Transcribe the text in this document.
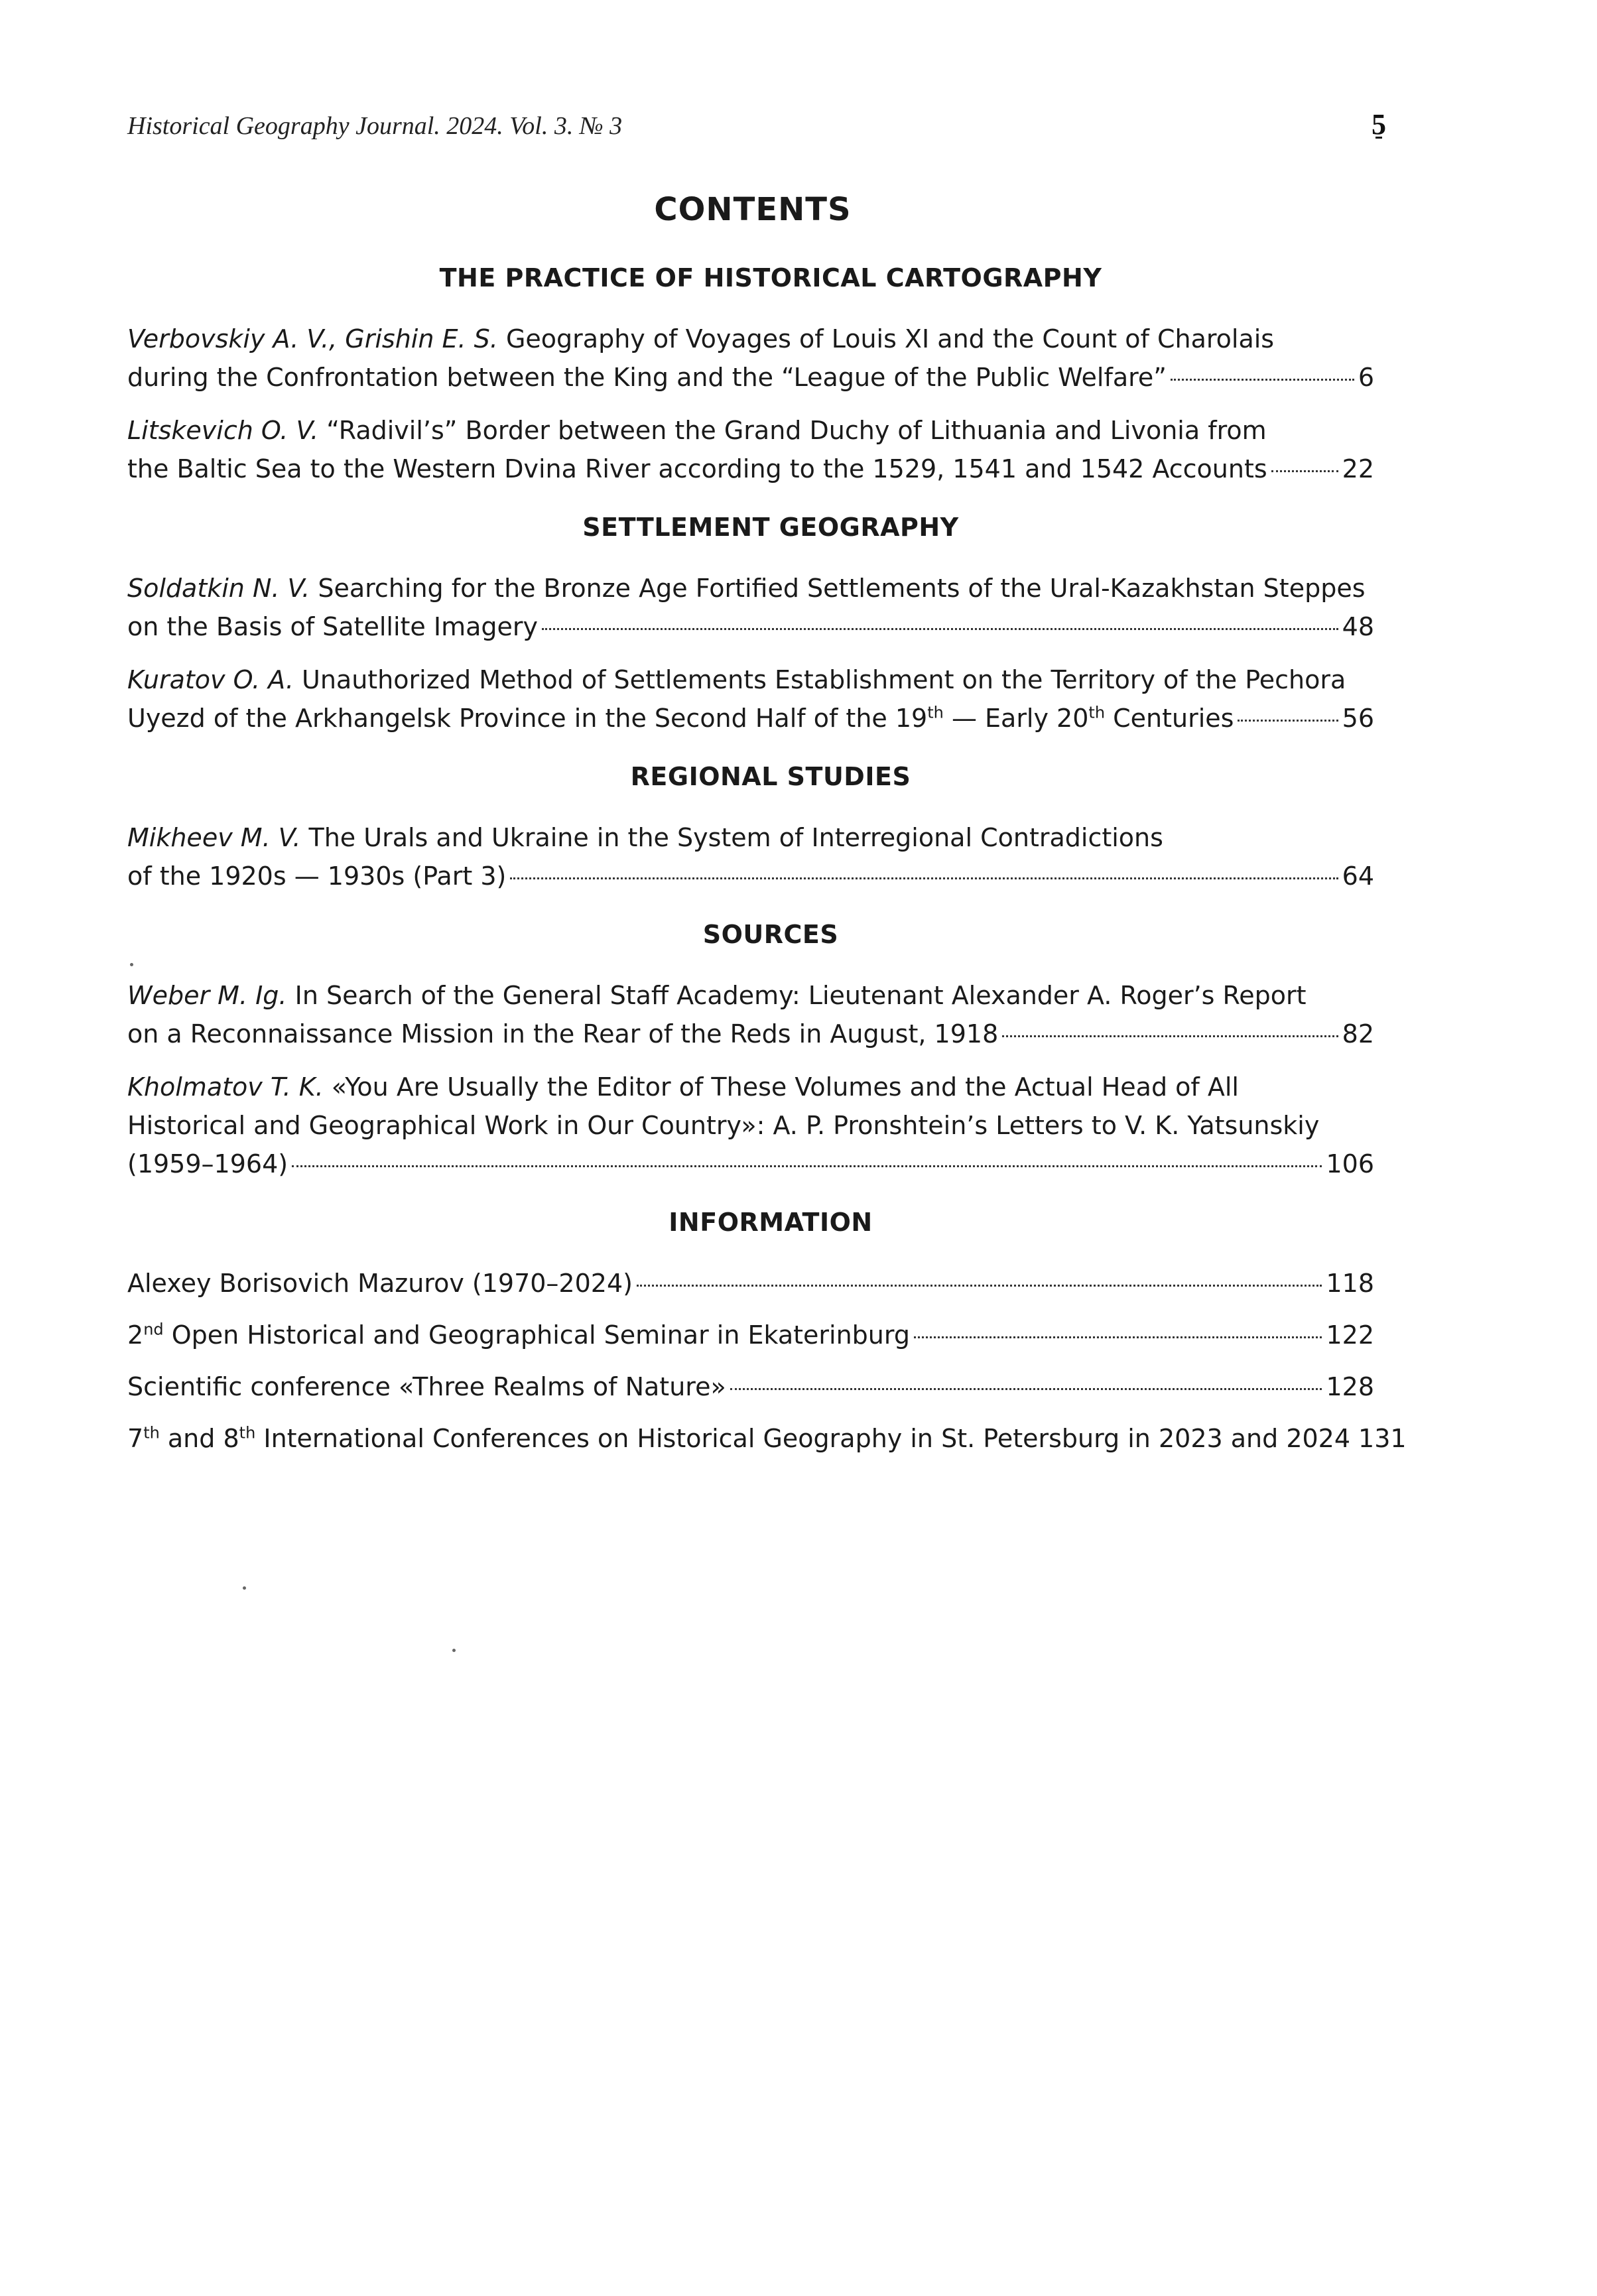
Historical Geography Journal. 2024. Vol. 3. № 3	5
CONTENTS
THE PRACTICE OF HISTORICAL CARTOGRAPHY
Verbovskiy A. V., Grishin E. S. Geography of Voyages of Louis XI and the Count of Charolais
during the Confrontation between the King and the “League of the Public Welfare”	6
Litskevich O. V. “Radivil’s” Border between the Grand Duchy of Lithuania and Livonia from
the Baltic Sea to the Western Dvina River according to the 1529, 1541 and 1542 Accounts	22
SETTLEMENT GEOGRAPHY
Soldatkin N. V. Searching for the Bronze Age Fortified Settlements of the Ural-Kazakhstan Steppes
on the Basis of Satellite Imagery	48
Kuratov O. A. Unauthorized Method of Settlements Establishment on the Territory of the Pechora
Uyezd of the Arkhangelsk Province in the Second Half of the 19th — Early 20th Centuries	56
REGIONAL STUDIES
Mikheev M. V. The Urals and Ukraine in the System of Interregional Contradictions
of the 1920s — 1930s (Part 3)	64
SOURCES
Weber M. Ig. In Search of the General Staff Academy: Lieutenant Alexander A. Roger’s Report
on a Reconnaissance Mission in the Rear of the Reds in August, 1918	82
Kholmatov T. K. «You Are Usually the Editor of These Volumes and the Actual Head of All
Historical and Geographical Work in Our Country»: A. P. Pronshtein’s Letters to V. K. Yatsunskiy
(1959–1964)	106
INFORMATION
Alexey Borisovich Mazurov (1970–2024)	118
2nd Open Historical and Geographical Seminar in Ekaterinburg	122
Scientific conference «Three Realms of Nature»	128
7th and 8th International Conferences on Historical Geography in St. Petersburg in 2023 and 2024 131
